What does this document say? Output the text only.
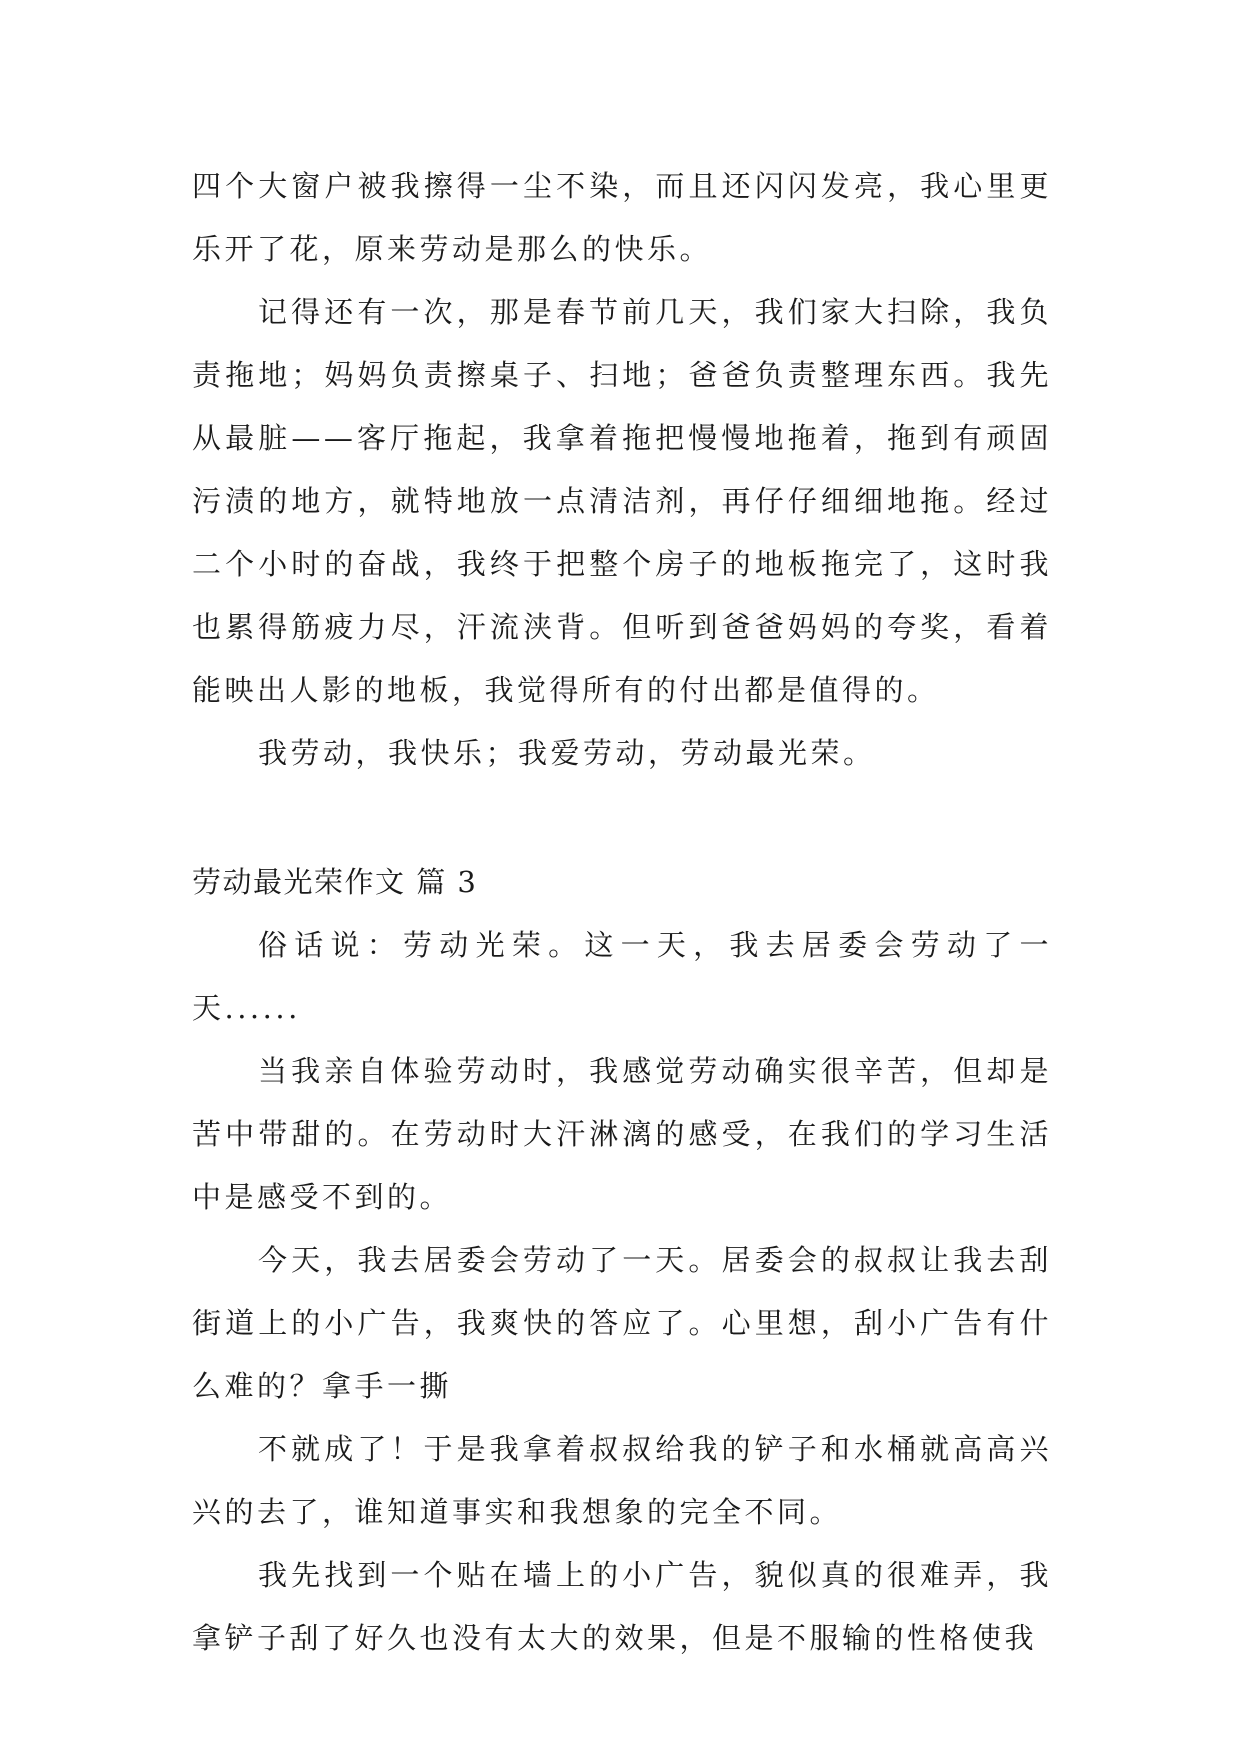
四个大窗户被我擦得一尘不染，而且还闪闪发亮，我心里更乐开了花，原来劳动是那么的快乐。

记得还有一次，那是春节前几天，我们家大扫除，我负责拖地；妈妈负责擦桌子、扫地；爸爸负责整理东西。我先从最脏——客厅拖起，我拿着拖把慢慢地拖着，拖到有顽固污渍的地方，就特地放一点清洁剂，再仔仔细细地拖。经过二个小时的奋战，我终于把整个房子的地板拖完了，这时我也累得筋疲力尽，汗流浃背。但听到爸爸妈妈的夸奖，看着能映出人影的地板，我觉得所有的付出都是值得的。

我劳动，我快乐；我爱劳动，劳动最光荣。

劳动最光荣作文 篇 3

俗话说：劳动光荣。这一天，我去居委会劳动了一天......

当我亲自体验劳动时，我感觉劳动确实很辛苦，但却是苦中带甜的。在劳动时大汗淋漓的感受，在我们的学习生活中是感受不到的。

今天，我去居委会劳动了一天。居委会的叔叔让我去刮街道上的小广告，我爽快的答应了。心里想，刮小广告有什么难的？拿手一撕

不就成了！于是我拿着叔叔给我的铲子和水桶就高高兴兴的去了，谁知道事实和我想象的完全不同。

我先找到一个贴在墙上的小广告，貌似真的很难弄，我拿铲子刮了好久也没有太大的效果，但是不服输的性格使我
